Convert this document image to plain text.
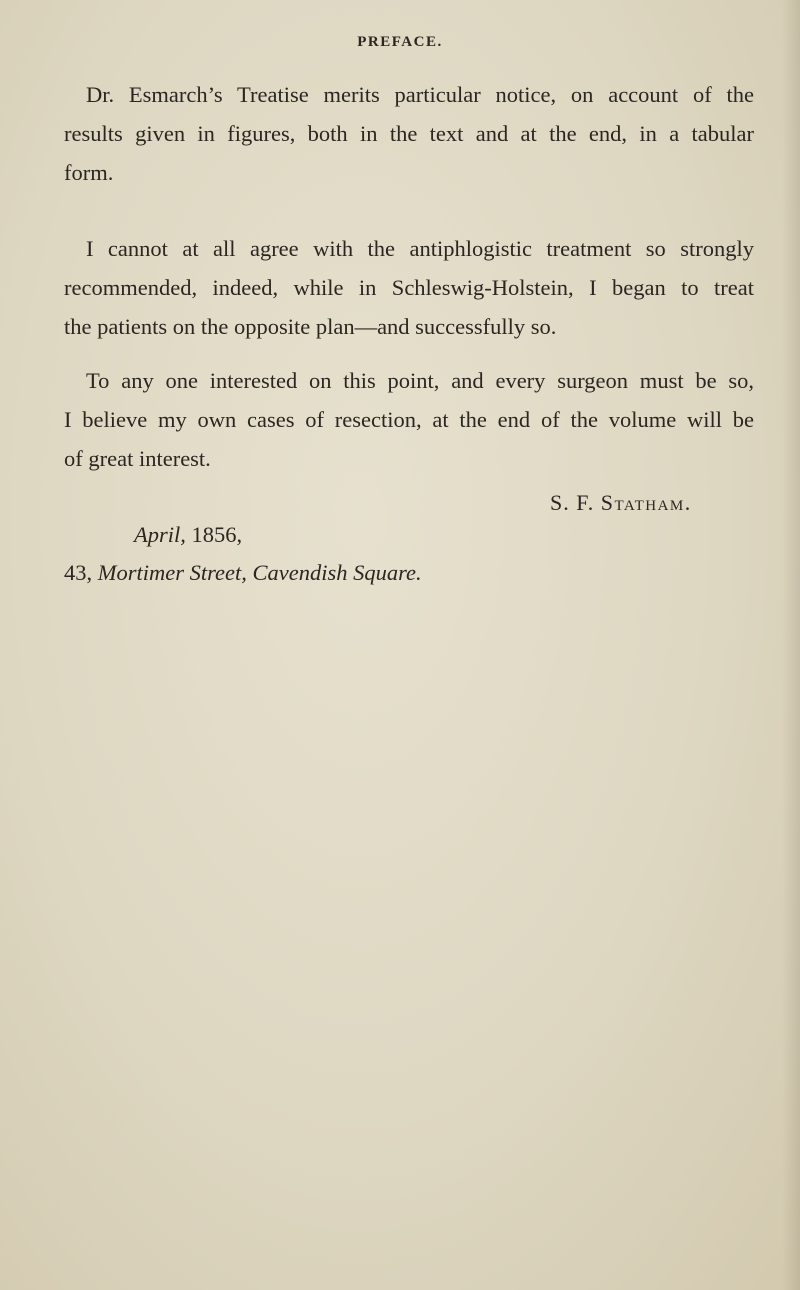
PREFACE.
Dr. Esmarch’s Treatise merits particular notice, on account of the
results given in figures, both in the text and at the end, in a tabular
form.
I cannot at all agree with the antiphlogistic treatment so strongly
recommended, indeed, while in Schleswig-Holstein, I began to treat
the patients on the opposite plan—and successfully so.
To any one interested on this point, and every surgeon must be so,
I believe my own cases of resection, at the end of the volume will be
of great interest.
S. F. Statham.
April, 1856,
43, Mortimer Street, Cavendish Square.
